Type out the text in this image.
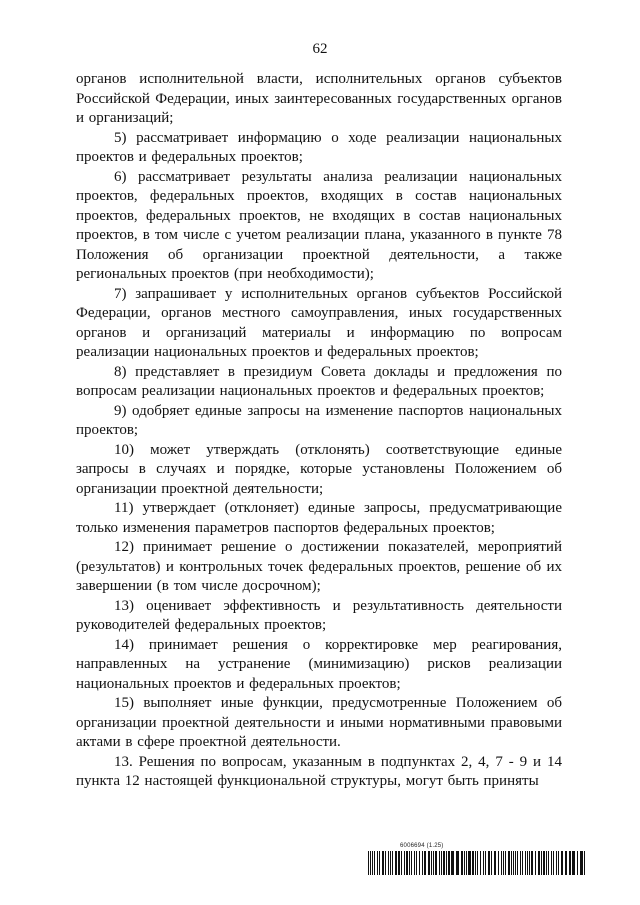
62

органов исполнительной власти, исполнительных органов субъектов Российской Федерации, иных заинтересованных государственных органов и организаций;

5) рассматривает информацию о ходе реализации национальных проектов и федеральных проектов;

6) рассматривает результаты анализа реализации национальных проектов, федеральных проектов, входящих в состав национальных проектов, федеральных проектов, не входящих в состав национальных проектов, в том числе с учетом реализации плана, указанного в пункте 78 Положения об организации проектной деятельности, а также региональных проектов (при необходимости);

7) запрашивает у исполнительных органов субъектов Российской Федерации, органов местного самоуправления, иных государственных органов и организаций материалы и информацию по вопросам реализации национальных проектов и федеральных проектов;

8) представляет в президиум Совета доклады и предложения по вопросам реализации национальных проектов и федеральных проектов;

9) одобряет единые запросы на изменение паспортов национальных проектов;

10) может утверждать (отклонять) соответствующие единые запросы в случаях и порядке, которые установлены Положением об организации проектной деятельности;

11) утверждает (отклоняет) единые запросы, предусматривающие только изменения параметров паспортов федеральных проектов;

12) принимает решение о достижении показателей, мероприятий (результатов) и контрольных точек федеральных проектов, решение об их завершении (в том числе досрочном);

13) оценивает эффективность и результативность деятельности руководителей федеральных проектов;

14) принимает решения о корректировке мер реагирования, направленных на устранение (минимизацию) рисков реализации национальных проектов и федеральных проектов;

15) выполняет иные функции, предусмотренные Положением об организации проектной деятельности и иными нормативными правовыми актами в сфере проектной деятельности.

13. Решения по вопросам, указанным в подпунктах 2, 4, 7 - 9 и 14 пункта 12 настоящей функциональной структуры, могут быть приняты

6006694 (1.25)
